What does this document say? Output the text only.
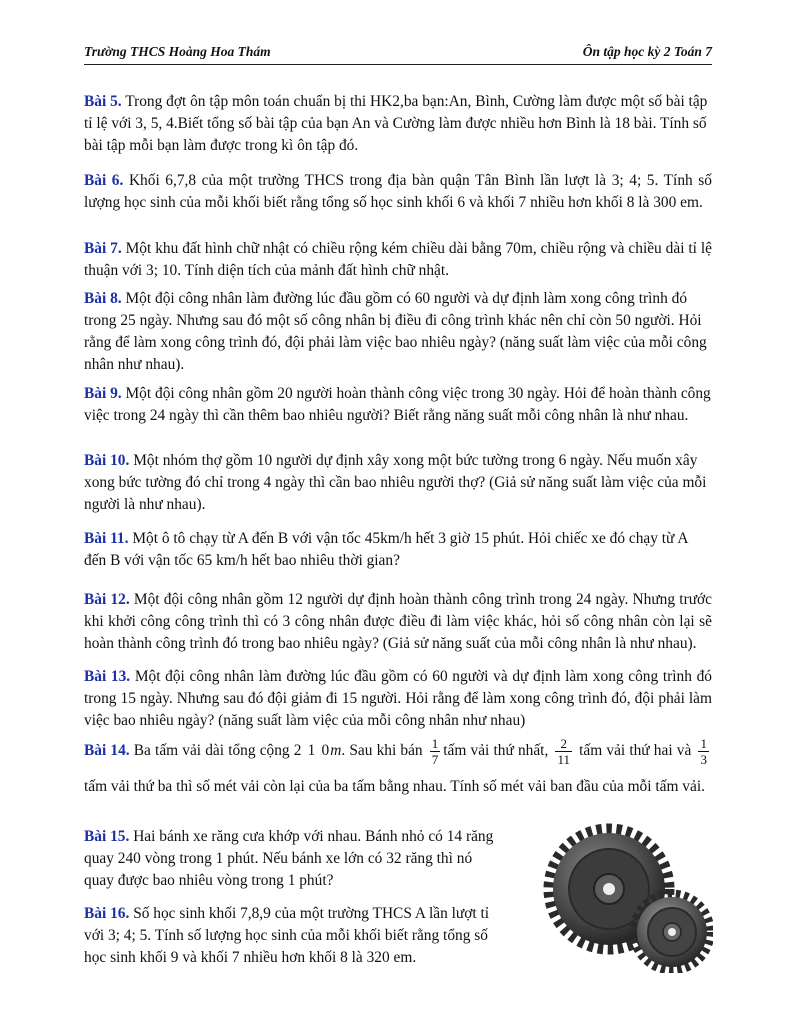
Trường THCS Hoàng Hoa Thám	Ôn tập học kỳ 2 Toán 7

Bài 5. Trong đợt ôn tập môn toán chuẩn bị thi HK2,ba bạn:An, Bình, Cường làm được một số bài tập tỉ lệ với 3, 5, 4.Biết tổng số bài tập của bạn An và Cường làm được nhiều hơn Bình là 18 bài. Tính số bài tập mỗi bạn làm được trong kì ôn tập đó.

Bài 6. Khối 6,7,8 của một trường THCS trong địa bàn quận Tân Bình lần lượt là 3; 4; 5. Tính số lượng học sinh của mỗi khối biết rằng tổng số học sinh khối 6 và khối 7 nhiều hơn khối 8 là 300 em.

Bài 7. Một khu đất hình chữ nhật có chiều rộng kém chiều dài bằng 70m, chiều rộng và chiều dài tỉ lệ thuận với 3; 10. Tính diện tích của mảnh đất hình chữ nhật.

Bài 8. Một đội công nhân làm đường lúc đầu gồm có 60 người và dự định làm xong công trình đó trong 25 ngày. Nhưng sau đó một số công nhân bị điều đi công trình khác nên chỉ còn 50 người. Hỏi rằng để làm xong công trình đó, đội phải làm việc bao nhiêu ngày? (năng suất làm việc của mỗi công nhân như nhau).

Bài 9. Một đội công nhân gồm 20 người hoàn thành công việc trong 30 ngày. Hỏi để hoàn thành công việc trong 24 ngày thì cần thêm bao nhiêu người? Biết rằng năng suất mỗi công nhân là như nhau.

Bài 10. Một nhóm thợ gồm 10 người dự định xây xong một bức tường trong 6 ngày. Nếu muốn xây xong bức tường đó chỉ trong 4 ngày thì cần bao nhiêu người thợ? (Giả sử năng suất làm việc của mỗi người là như nhau).

Bài 11. Một ô tô chạy từ A đến B với vận tốc 45km/h hết 3 giờ 15 phút. Hỏi chiếc xe đó chạy từ A đến B với vận tốc 65 km/h hết bao nhiêu thời gian?

Bài 12. Một đội công nhân gồm 12 người dự định hoàn thành công trình trong 24 ngày. Nhưng trước khi khởi công công trình thì có 3 công nhân được điều đi làm việc khác, hỏi số công nhân còn lại sẽ hoàn thành công trình đó trong bao nhiêu ngày? (Giả sử năng suất của mỗi công nhân là như nhau).

Bài 13. Một đội công nhân làm đường lúc đầu gồm có 60 người và dự định làm xong công trình đó trong 15 ngày. Nhưng sau đó đội giảm đi 15 người. Hỏi rằng để làm xong công trình đó, đội phải làm việc bao nhiêu ngày? (năng suất làm việc của mỗi công nhân như nhau)

Bài 14. Ba tấm vải dài tổng cộng 2 1 0m. Sau khi bán $\frac{1}{7}$ tấm vải thứ nhất, $\frac{2}{11}$ tấm vải thứ hai và $\frac{1}{3}$
tấm vải thứ ba thì số mét vải còn lại của ba tấm bằng nhau. Tính số mét vải ban đầu của mỗi tấm vải.

Bài 15. Hai bánh xe răng cưa khớp với nhau. Bánh nhỏ có 14 răng
quay 240 vòng trong 1 phút. Nếu bánh xe lớn có 32 răng thì nó
quay được bao nhiêu vòng trong 1 phút?
Bài 16. Số học sinh khối 7,8,9 của một trường THCS A lần lượt tỉ
với 3; 4; 5. Tính số lượng học sinh của mỗi khối biết rằng tổng số
học sinh khối 9 và khối 7 nhiều hơn khối 8 là 320 em.
